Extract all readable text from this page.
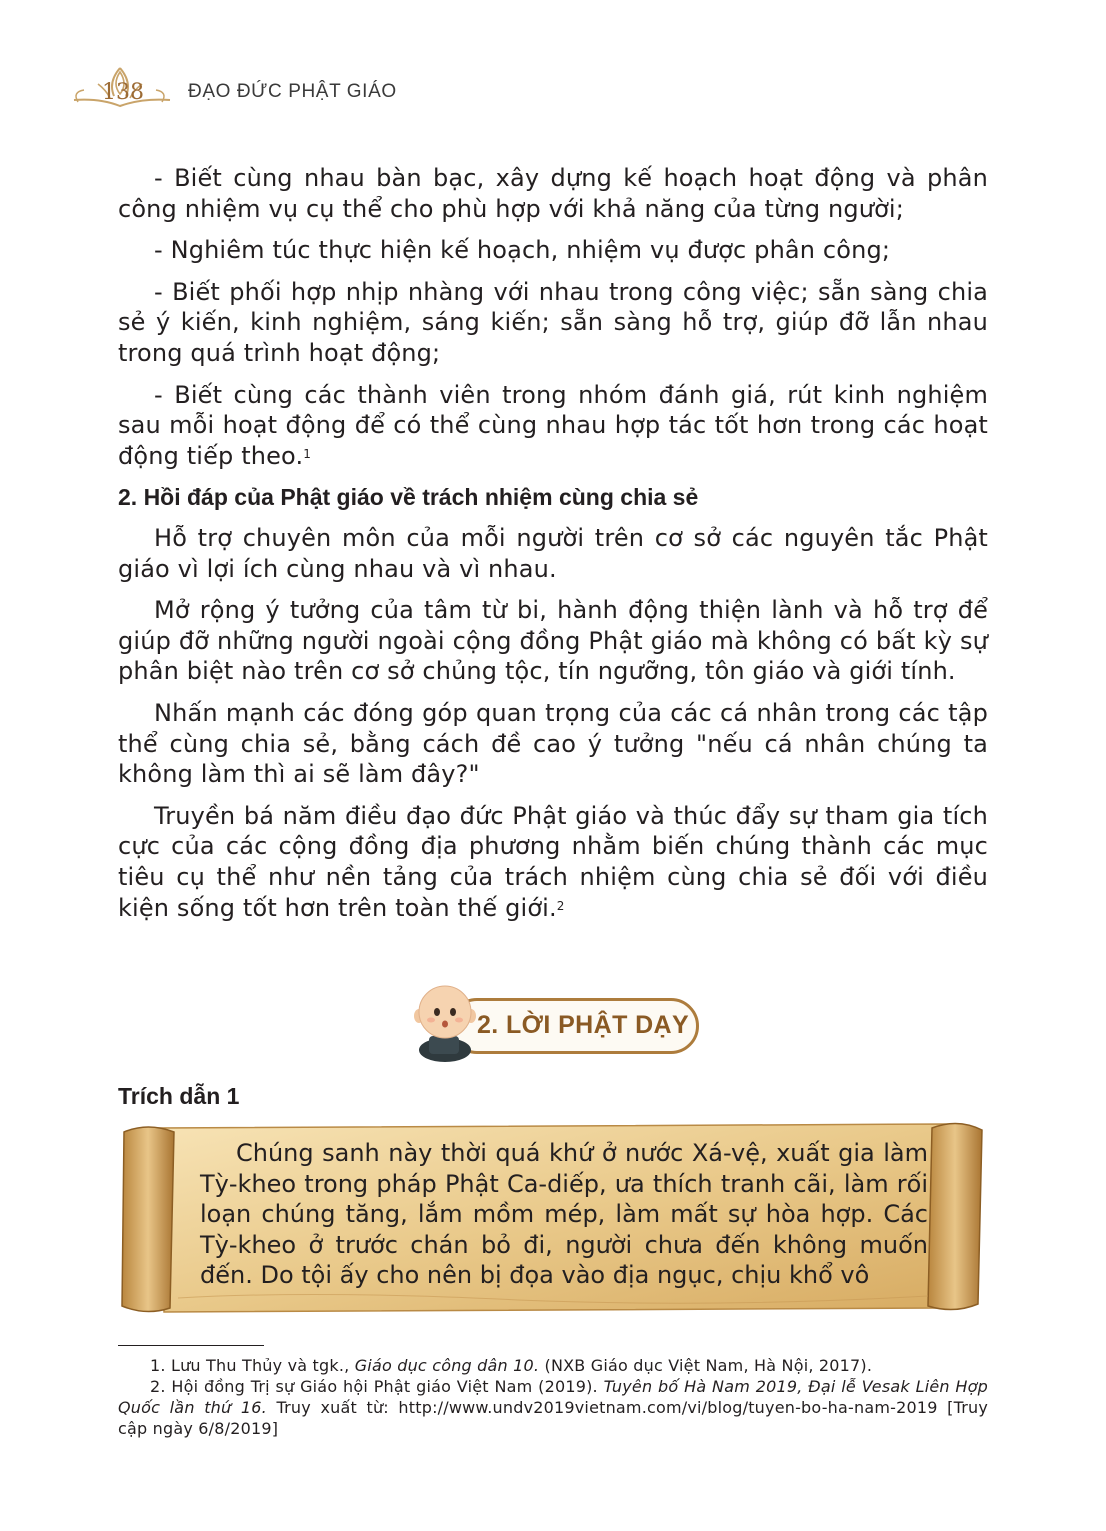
138 ĐẠO ĐỨC PHẬT GIÁO

- Biết cùng nhau bàn bạc, xây dựng kế hoạch hoạt động và phân công nhiệm vụ cụ thể cho phù hợp với khả năng của từng người;

- Nghiêm túc thực hiện kế hoạch, nhiệm vụ được phân công;

- Biết phối hợp nhịp nhàng với nhau trong công việc; sẵn sàng chia sẻ ý kiến, kinh nghiệm, sáng kiến; sẵn sàng hỗ trợ, giúp đỡ lẫn nhau trong quá trình hoạt động;

- Biết cùng các thành viên trong nhóm đánh giá, rút kinh nghiệm sau mỗi hoạt động để có thể cùng nhau hợp tác tốt hơn trong các hoạt động tiếp theo.$^1$

2. Hồi đáp của Phật giáo về trách nhiệm cùng chia sẻ

Hỗ trợ chuyên môn của mỗi người trên cơ sở các nguyên tắc Phật giáo vì lợi ích cùng nhau và vì nhau.

Mở rộng ý tưởng của tâm từ bi, hành động thiện lành và hỗ trợ để giúp đỡ những người ngoài cộng đồng Phật giáo mà không có bất kỳ sự phân biệt nào trên cơ sở chủng tộc, tín ngưỡng, tôn giáo và giới tính.

Nhấn mạnh các đóng góp quan trọng của các cá nhân trong các tập thể cùng chia sẻ, bằng cách đề cao ý tưởng "nếu cá nhân chúng ta không làm thì ai sẽ làm đây?"

Truyền bá năm điều đạo đức Phật giáo và thúc đẩy sự tham gia tích cực của các cộng đồng địa phương nhằm biến chúng thành các mục tiêu cụ thể như nền tảng của trách nhiệm cùng chia sẻ đối với điều kiện sống tốt hơn trên toàn thế giới.$^2$

2. LỜI PHẬT DẠY
Trích dẫn 1
Chúng sanh này thời quá khứ ở nước Xá-vệ, xuất gia làm Tỳ-kheo trong pháp Phật Ca-diếp, ưa thích tranh cãi, làm rối loạn chúng tăng, lắm mồm mép, làm mất sự hòa hợp. Các Tỳ-kheo ở trước chán bỏ đi, người chưa đến không muốn đến. Do tội ấy cho nên bị đọa vào địa ngục, chịu khổ vô

1. Lưu Thu Thủy và tgk., Giáo dục công dân 10. (NXB Giáo dục Việt Nam, Hà Nội, 2017).

2. Hội đồng Trị sự Giáo hội Phật giáo Việt Nam (2019). Tuyên bố Hà Nam 2019, Đại lễ Vesak Liên Hợp Quốc lần thứ 16. Truy xuất từ: http://www.undv2019vietnam.com/vi/blog/tuyen-bo-ha-nam-2019 [Truy cập ngày 6/8/2019]
